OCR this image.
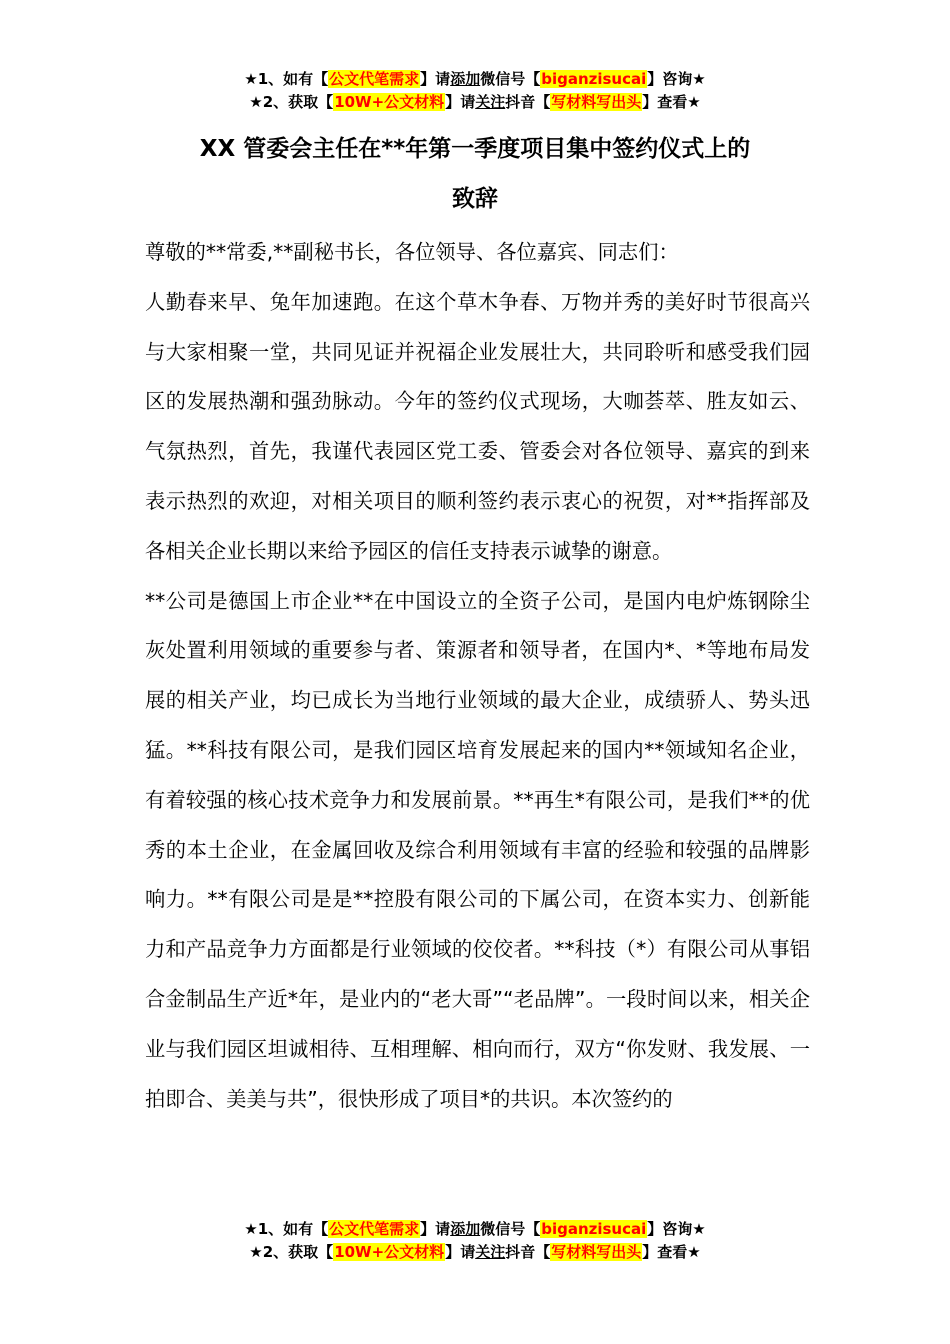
★1、如有【公文代笔需求】请添加微信号【biganzisucai】咨询★
★2、获取【10W+公文材料】请关注抖音【写材料写出头】查看★
XX 管委会主任在**年第一季度项目集中签约仪式上的
致辞

尊敬的**常委,**副秘书长，各位领导、各位嘉宾、同志们：

人勤春来早、兔年加速跑。在这个草木争春、万物并秀的美好时节很高兴与大家相聚一堂，共同见证并祝福企业发展壮大，共同聆听和感受我们园区的发展热潮和强劲脉动。今年的签约仪式现场，大咖荟萃、胜友如云、气氛热烈，首先，我谨代表园区党工委、管委会对各位领导、嘉宾的到来表示热烈的欢迎，对相关项目的顺利签约表示衷心的祝贺，对**指挥部及各相关企业长期以来给予园区的信任支持表示诚挚的谢意。

**公司是德国上市企业**在中国设立的全资子公司，是国内电炉炼钢除尘灰处置利用领域的重要参与者、策源者和领导者，在国内*、*等地布局发展的相关产业，均已成长为当地行业领域的最大企业，成绩骄人、势头迅猛。**科技有限公司，是我们园区培育发展起来的国内**领域知名企业，有着较强的核心技术竞争力和发展前景。**再生*有限公司，是我们**的优秀的本土企业，在金属回收及综合利用领域有丰富的经验和较强的品牌影响力。**有限公司是是**控股有限公司的下属公司，在资本实力、创新能力和产品竞争力方面都是行业领域的佼佼者。**科技（*）有限公司从事铝合金制品生产近*年，是业内的“老大哥”“老品牌”。一段时间以来，相关企业与我们园区坦诚相待、互相理解、相向而行，双方“你发财、我发展、一拍即合、美美与共”，很快形成了项目*的共识。本次签约的

★1、如有【公文代笔需求】请添加微信号【biganzisucai】咨询★
★2、获取【10W+公文材料】请关注抖音【写材料写出头】查看★
